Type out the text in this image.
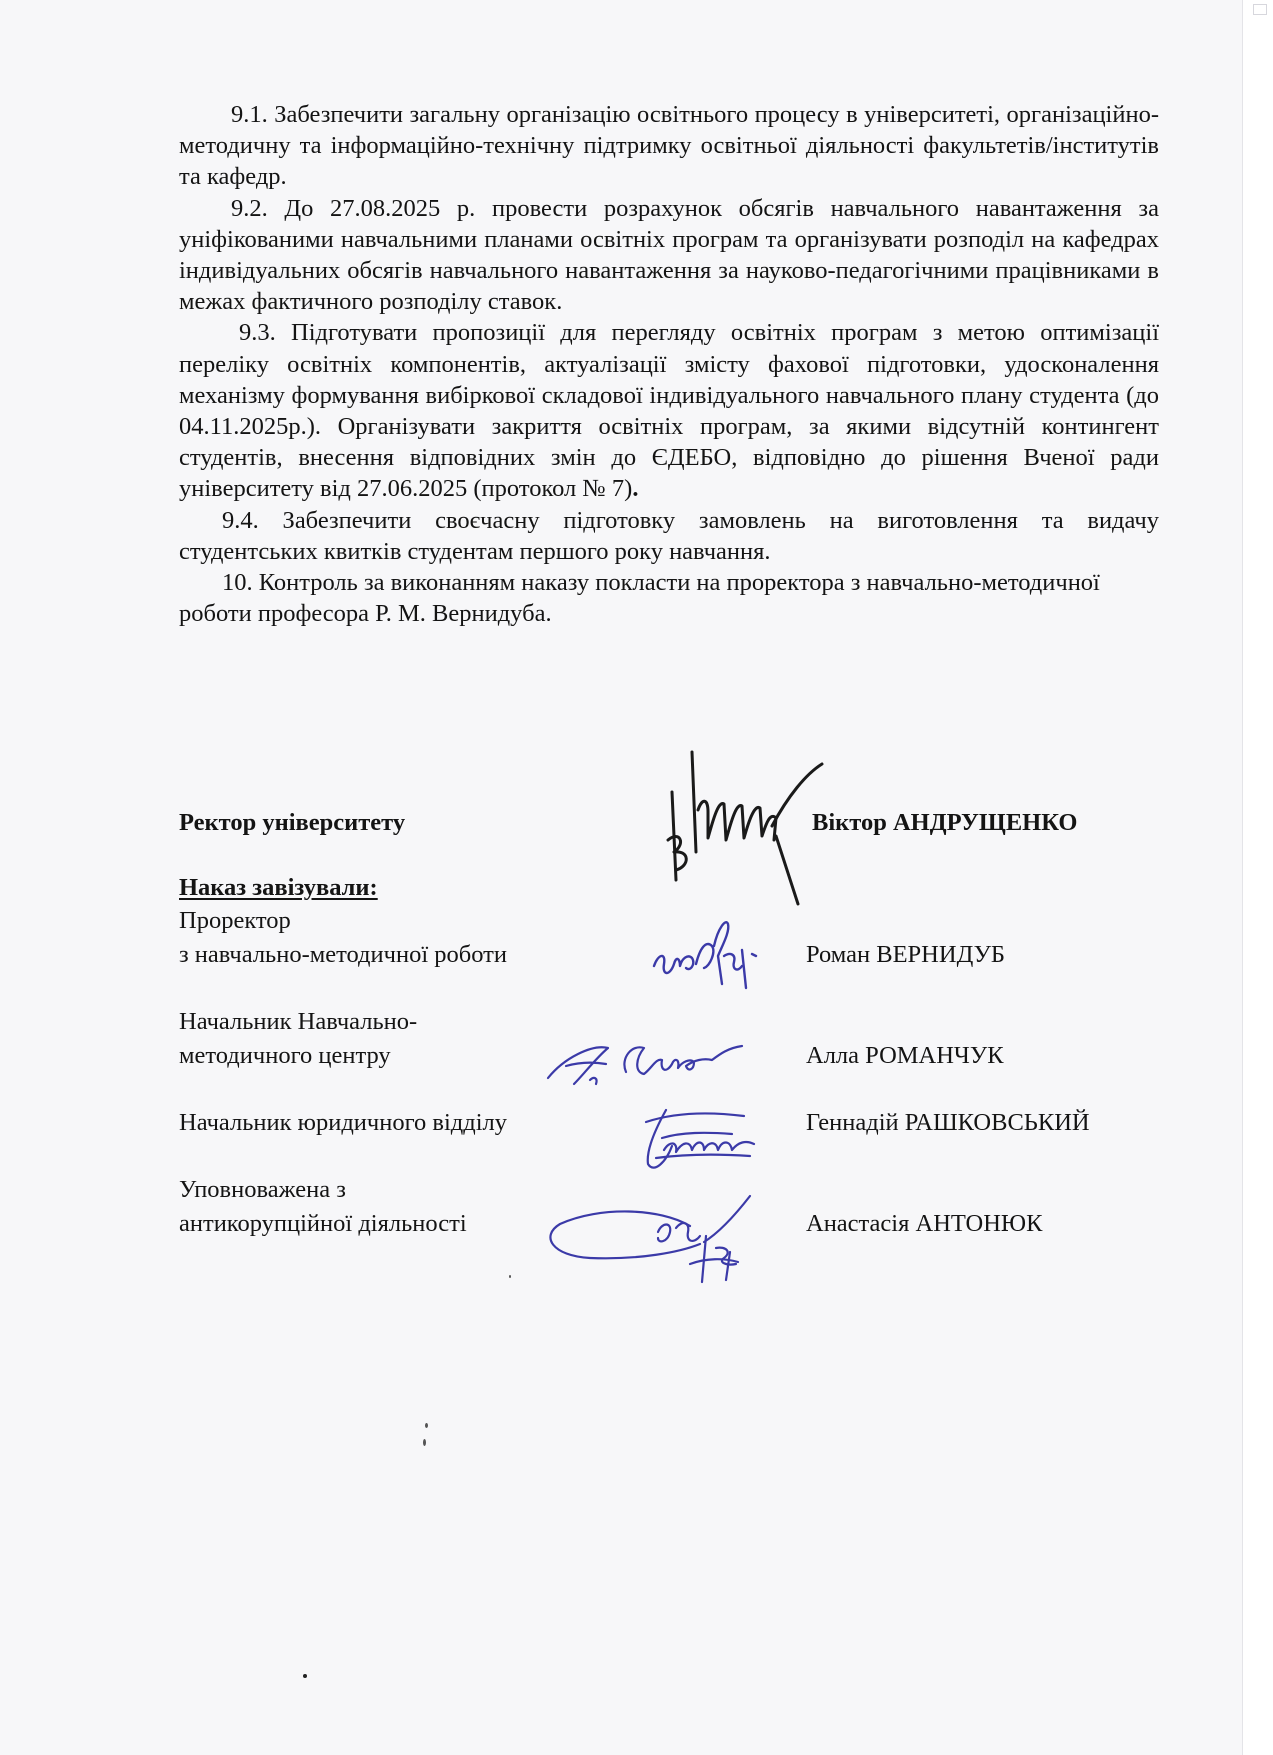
9.1. Забезпечити загальну організацію освітнього процесу в університеті, організаційно-методичну та інформаційно-технічну підтримку освітньої діяльності факультетів/інститутів та кафедр.

9.2. До 27.08.2025 р. провести розрахунок обсягів навчального навантаження за уніфікованими навчальними планами освітніх програм та організувати розподіл на кафедрах індивідуальних обсягів навчального навантаження за науково-педагогічними працівниками в межах фактичного розподілу ставок.

9.3. Підготувати пропозиції для перегляду освітніх програм з метою оптимізації переліку освітніх компонентів, актуалізації змісту фахової підготовки, удосконалення механізму формування вибіркової складової індивідуального навчального плану студента (до 04.11.2025р.). Організувати закриття освітніх програм, за якими відсутній контингент студентів, внесення відповідних змін до ЄДЕБО, відповідно до рішення Вченої ради університету від 27.06.2025 (протокол № 7).

9.4. Забезпечити своєчасну підготовку замовлень на виготовлення та видачу студентських квитків студентам першого року навчання.

10. Контроль за виконанням наказу покласти на проректора з навчально-методичної роботи професора Р. М. Вернидуба.

Ректор університету	Віктор АНДРУЩЕНКО
Наказ завізували:
Проректор
з навчально-методичної роботи	Роман ВЕРНИДУБ
Начальник Навчально-
методичного центру	Алла РОМАНЧУК
Начальник юридичного відділу	Геннадій РАШКОВСЬКИЙ
Уповноважена з
антикорупційної діяльності	Анастасія АНТОНЮК
